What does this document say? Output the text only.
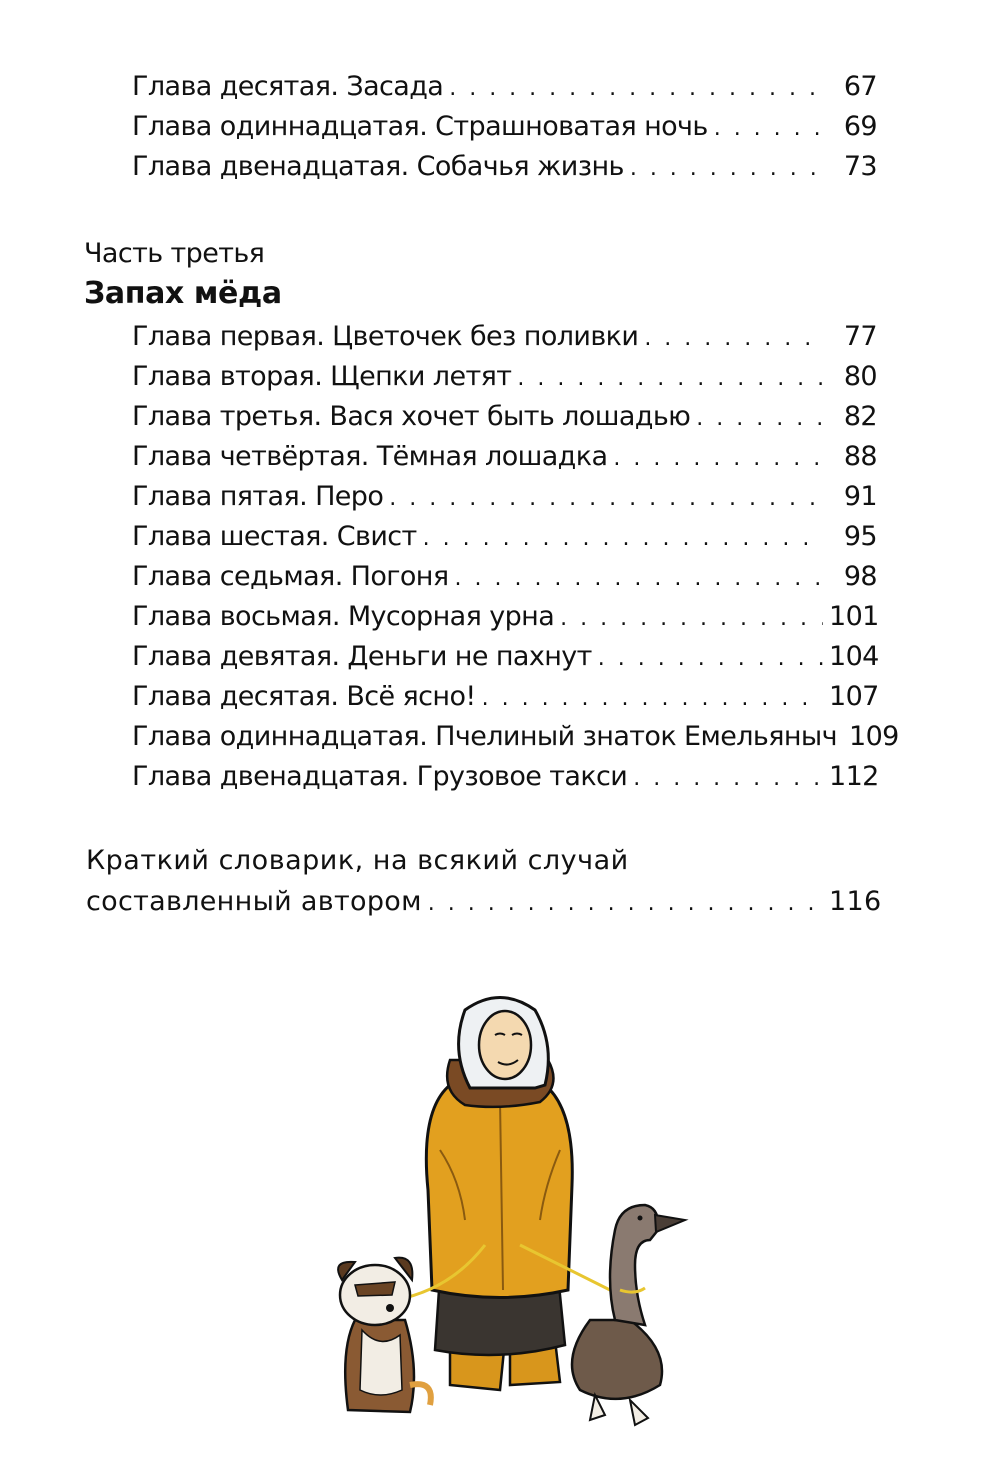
Глава десятая. Засада . . .	67
Глава одиннадцатая. Страшноватая ночь . . .	69
Глава двенадцатая. Собачья жизнь . . .	73
Часть третья
Запах мёда
Глава первая. Цветочек без поливки . . .	77
Глава вторая. Щепки летят . . .	80
Глава третья. Вася хочет быть лошадью . . .	82
Глава четвёртая. Тёмная лошадка . . .	88
Глава пятая. Перо . . .	91
Глава шестая. Свист . . .	95
Глава седьмая. Погоня . . .	98
Глава восьмая. Мусорная урна . . .	101
Глава девятая. Деньги не пахнут . . .	104
Глава десятая. Всё ясно! . . .	107
Глава одиннадцатая. Пчелиный знаток Емельяныч 109
Глава двенадцатая. Грузовое такси . . .	112
Краткий словарик, на всякий случай
составленный автором . . .	116
